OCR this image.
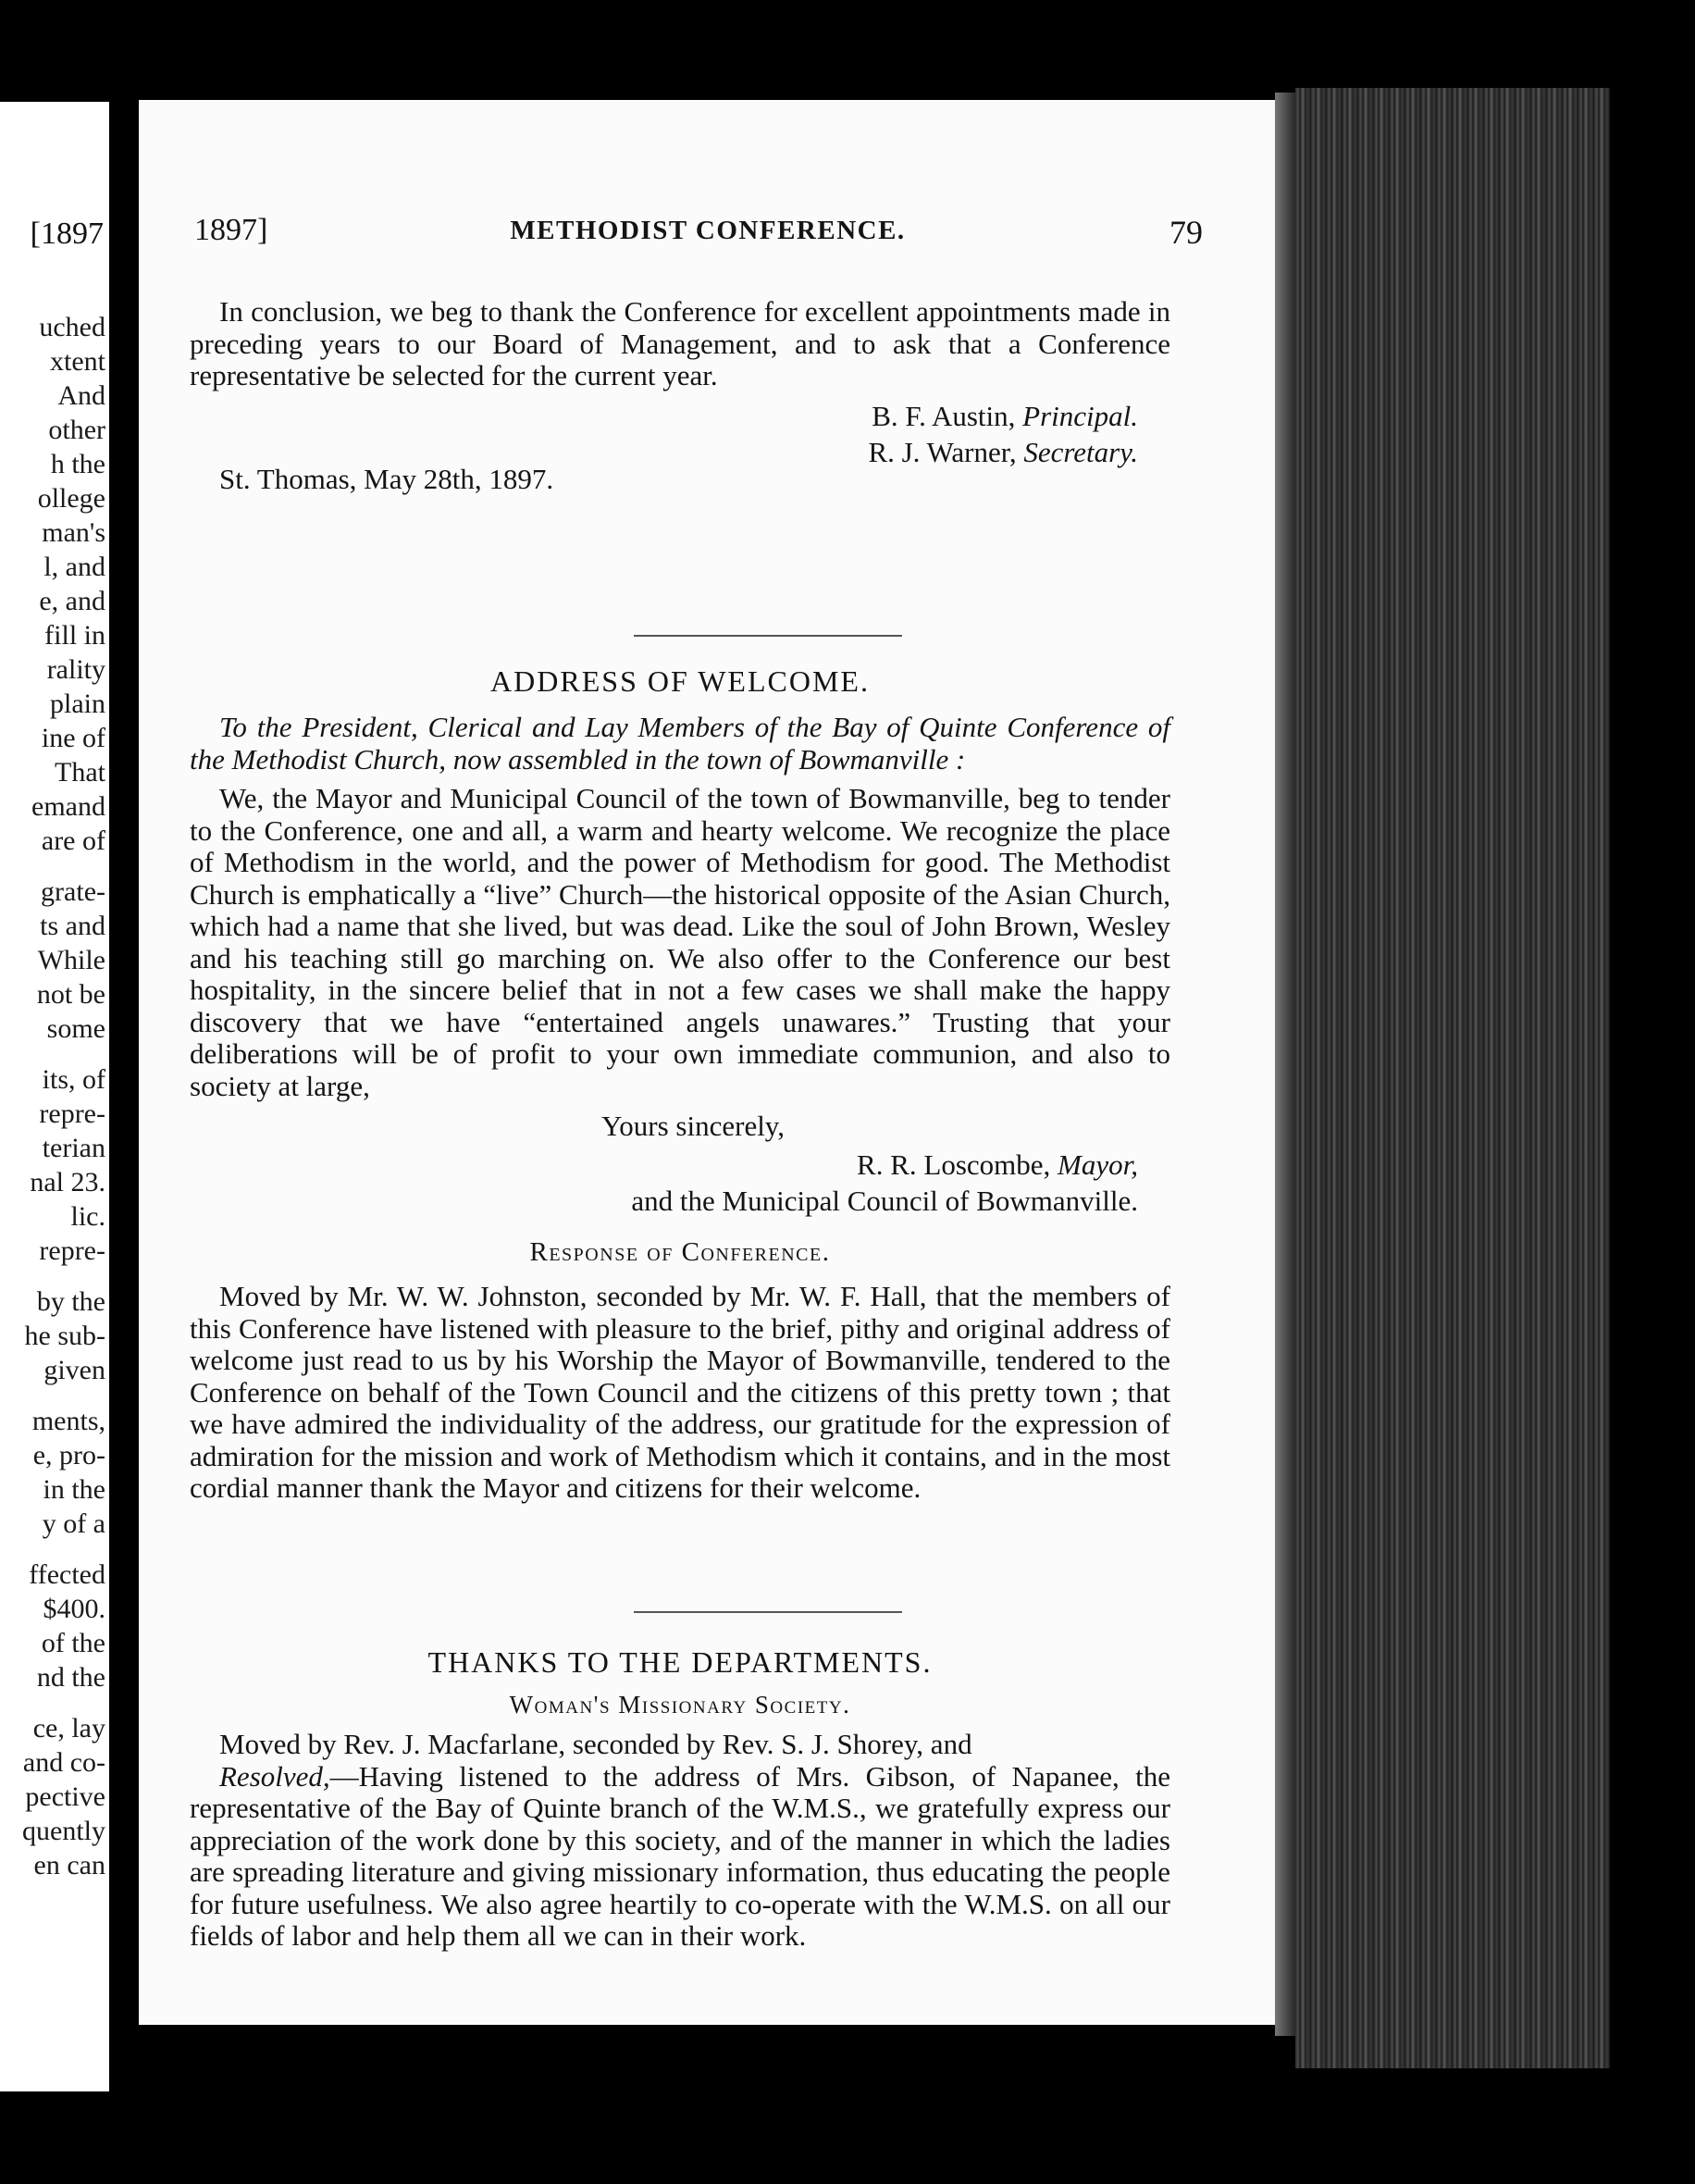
[1897
uched
xtent
And
other
h the
ollege
man's
l, and
e, and
fill in
rality
plain
ine of
That
emand
are of
grate-
ts and
While
not be
some
its, of
repre-
terian
nal 23.
lic.
repre-
by the
he sub-
given
ments,
e, pro-
in the
y of a
ffected
$400.
of the
nd the
ce, lay
and co-
pective
quently
en can
1897]	METHODIST CONFERENCE.	79

In conclusion, we beg to thank the Conference for excellent appointments made in preceding years to our Board of Management, and to ask that a Conference representative be selected for the current year.

B. F. Austin, Principal.
R. J. Warner, Secretary.
St. Thomas, May 28th, 1897.
ADDRESS OF WELCOME.

To the President, Clerical and Lay Members of the Bay of Quinte Conference of the Methodist Church, now assembled in the town of Bowmanville :

We, the Mayor and Municipal Council of the town of Bowmanville, beg to tender to the Conference, one and all, a warm and hearty welcome. We recognize the place of Methodism in the world, and the power of Methodism for good. The Methodist Church is emphatically a “live” Church—the historical opposite of the Asian Church, which had a name that she lived, but was dead. Like the soul of John Brown, Wesley and his teaching still go marching on. We also offer to the Conference our best hospitality, in the sincere belief that in not a few cases we shall make the happy discovery that we have “entertained angels unawares.” Trusting that your deliberations will be of profit to your own immediate communion, and also to society at large,

Yours sincerely,
R. R. Loscombe, Mayor,
and the Municipal Council of Bowmanville.
Response of Conference.

Moved by Mr. W. W. Johnston, seconded by Mr. W. F. Hall, that the members of this Conference have listened with pleasure to the brief, pithy and original address of welcome just read to us by his Worship the Mayor of Bowmanville, tendered to the Conference on behalf of the Town Council and the citizens of this pretty town ; that we have admired the individuality of the address, our gratitude for the expression of admiration for the mission and work of Methodism which it contains, and in the most cordial manner thank the Mayor and citizens for their welcome.

THANKS TO THE DEPARTMENTS.
Woman's Missionary Society.

Moved by Rev. J. Macfarlane, seconded by Rev. S. J. Shorey, and

Resolved,—Having listened to the address of Mrs. Gibson, of Napanee, the representative of the Bay of Quinte branch of the W.M.S., we gratefully express our appreciation of the work done by this society, and of the manner in which the ladies are spreading literature and giving missionary information, thus educating the people for future usefulness. We also agree heartily to co-operate with the W.M.S. on all our fields of labor and help them all we can in their work.
